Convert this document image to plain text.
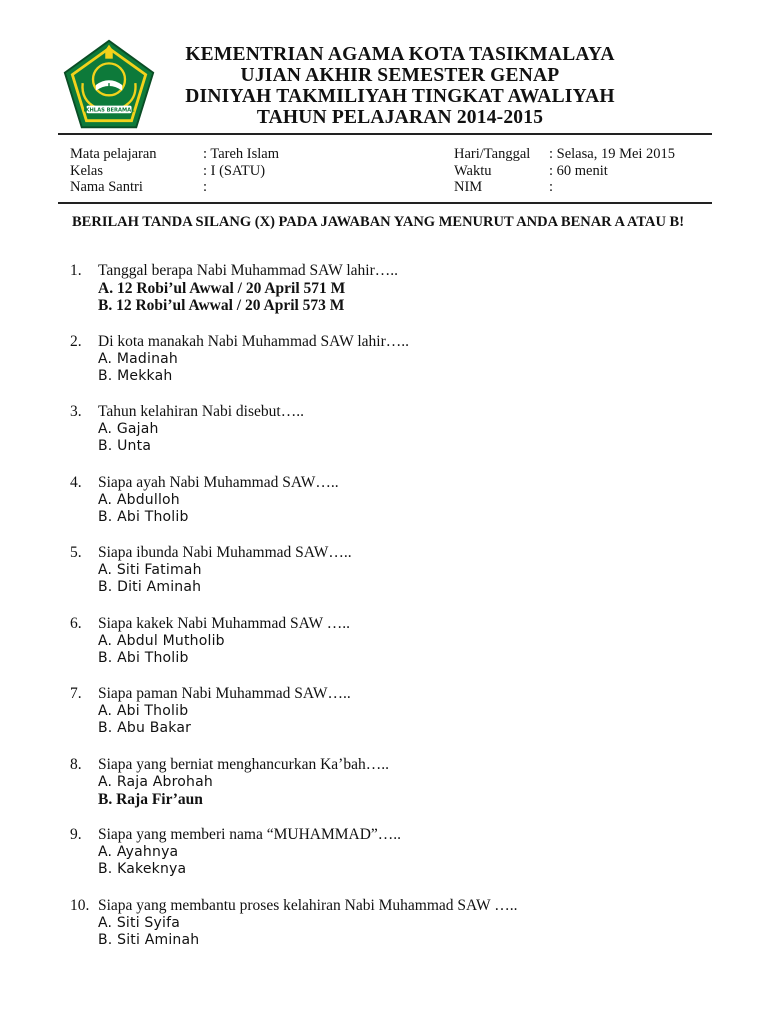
IKHLAS BERAMAL
KEMENTRIAN AGAMA KOTA TASIKMALAYA
UJIAN AKHIR SEMESTER GENAP
DINIYAH TAKMILIYAH TINGKAT AWALIYAH
TAHUN PELAJARAN 2014-2015
Mata pelajaran	: Tareh Islam	Hari/Tanggal : Selasa, 19 Mei 2015
Kelas	: I (SATU)	Waktu	: 60 menit
Nama Santri	:	NIM	:
BERILAH TANDA SILANG (X) PADA JAWABAN YANG MENURUT ANDA BENAR A ATAU B!
1. Tanggal berapa Nabi Muhammad SAW lahir…..
A. 12 Robi’ul Awwal / 20 April 571 M
B. 12 Robi’ul Awwal / 20 April 573 M
2. Di kota manakah Nabi Muhammad SAW lahir…..
A. Madinah
B. Mekkah
3. Tahun kelahiran Nabi disebut…..
A. Gajah
B. Unta
4. Siapa ayah Nabi Muhammad SAW…..
A. Abdulloh
B. Abi Tholib
5. Siapa ibunda Nabi Muhammad SAW…..
A. Siti Fatimah
B. Diti Aminah
6. Siapa kakek Nabi Muhammad SAW …..
A. Abdul Mutholib
B. Abi Tholib
7. Siapa paman Nabi Muhammad SAW…..
A. Abi Tholib
B. Abu Bakar
8. Siapa yang berniat menghancurkan Ka’bah…..
A. Raja Abrohah
B. Raja Fir’aun
9. Siapa yang memberi nama “MUHAMMAD”…..
A. Ayahnya
B. Kakeknya
10. Siapa yang membantu proses kelahiran Nabi Muhammad SAW …..
A. Siti Syifa
B. Siti Aminah
